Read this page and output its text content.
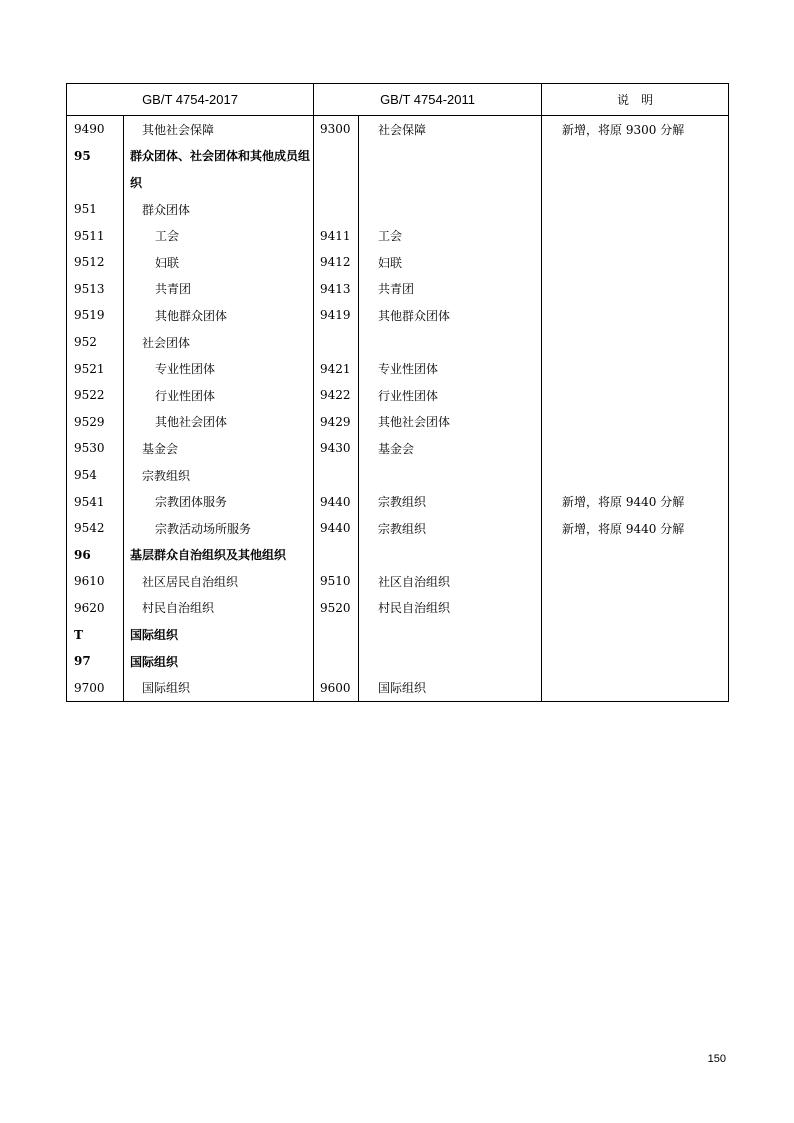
GB/T 4754-2017		GB/T 4754-2011		说　明
9490	其他社会保障	9300	社会保障	新增，将原 9300 分解
95	群众团体、社会团体和其他成员组			
	织			
951	群众团体			
9511	工会	9411	工会	
9512	妇联	9412	妇联	
9513	共青团	9413	共青团	
9519	其他群众团体	9419	其他群众团体	
952	社会团体			
9521	专业性团体	9421	专业性团体	
9522	行业性团体	9422	行业性团体	
9529	其他社会团体	9429	其他社会团体	
9530	基金会	9430	基金会	
954	宗教组织			
9541	宗教团体服务	9440	宗教组织	新增，将原 9440 分解
9542	宗教活动场所服务	9440	宗教组织	新增，将原 9440 分解
96	基层群众自治组织及其他组织			
9610	社区居民自治组织	9510	社区自治组织	
9620	村民自治组织	9520	村民自治组织	
T	国际组织			
97	国际组织			
9700	国际组织	9600	国际组织	
150
